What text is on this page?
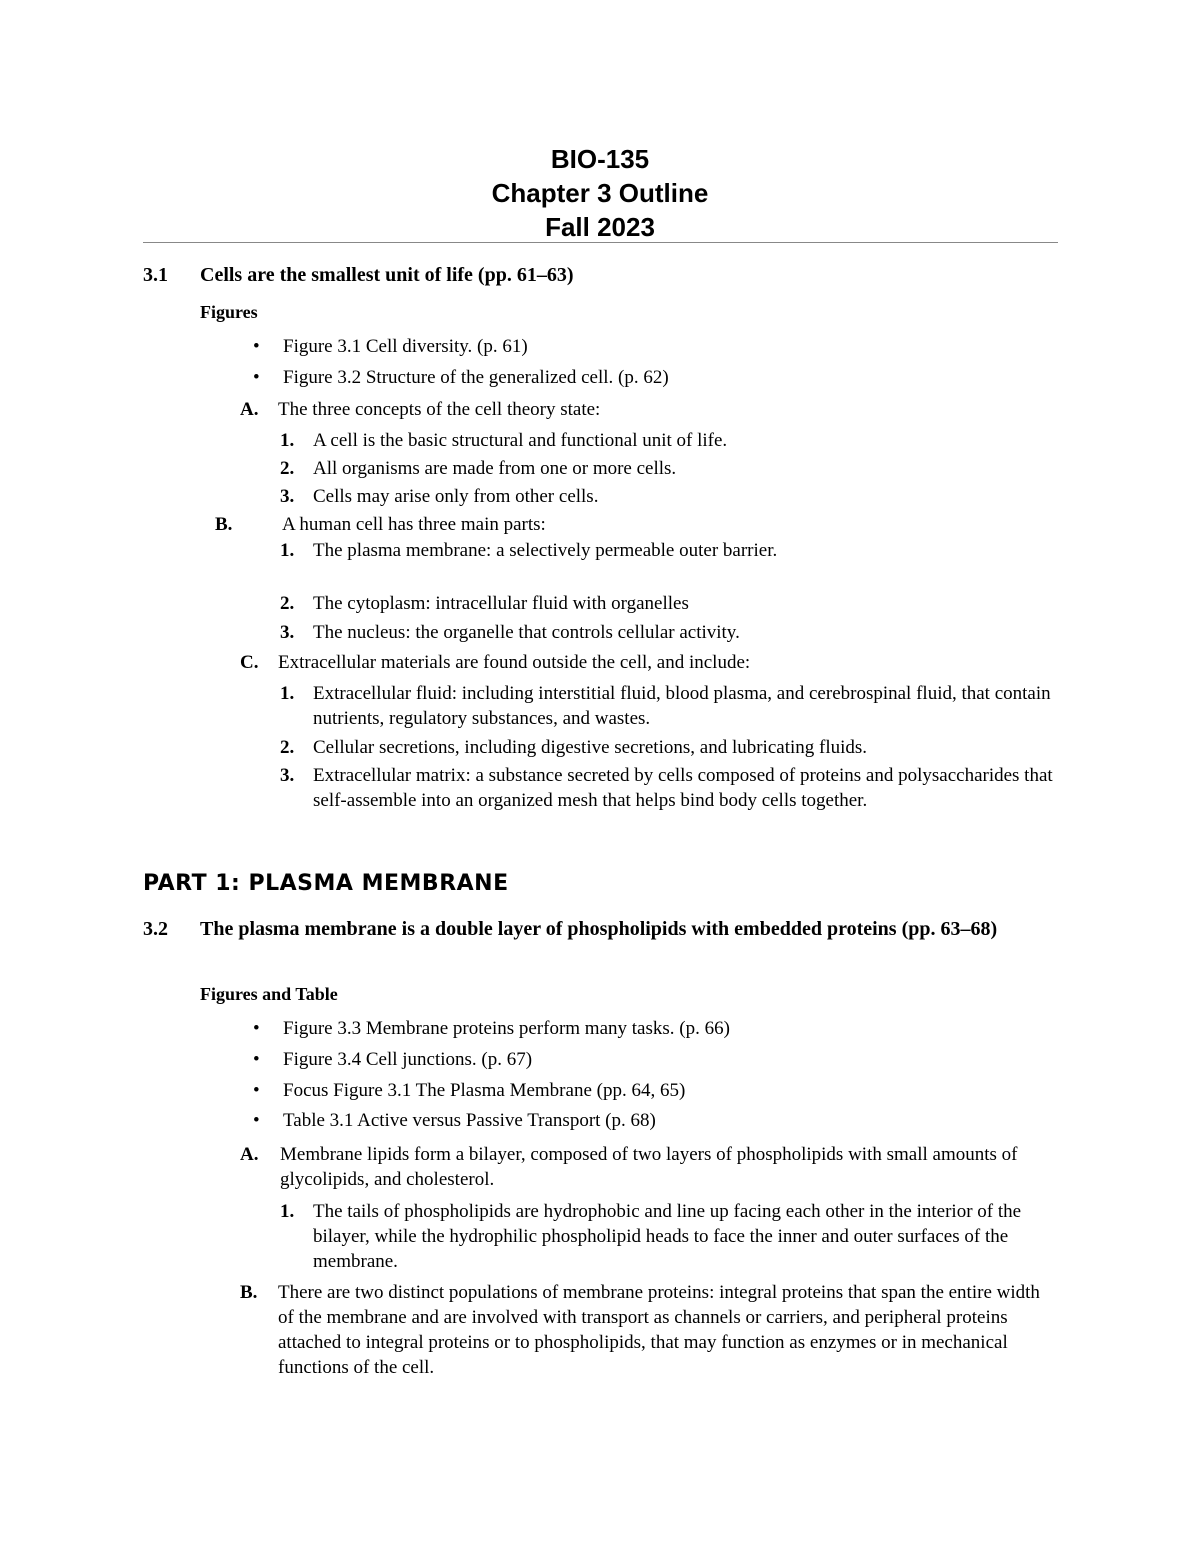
BIO-135
Chapter 3 Outline
Fall 2023
3.1 Cells are the smallest unit of life (pp. 61–63)
Figures
• Figure 3.1 Cell diversity. (p. 61)
• Figure 3.2 Structure of the generalized cell. (p. 62)
A. The three concepts of the cell theory state:
1. A cell is the basic structural and functional unit of life.
2. All organisms are made from one or more cells.
3. Cells may arise only from other cells.
B.	A human cell has three main parts:
1. The plasma membrane: a selectively permeable outer barrier.
2. The cytoplasm: intracellular fluid with organelles
3. The nucleus: the organelle that controls cellular activity.
C. Extracellular materials are found outside the cell, and include:
1. Extracellular fluid: including interstitial fluid, blood plasma, and cerebrospinal fluid, that contain nutrients, regulatory substances, and wastes.
2. Cellular secretions, including digestive secretions, and lubricating fluids.
3. Extracellular matrix: a substance secreted by cells composed of proteins and polysaccharides that self-assemble into an organized mesh that helps bind body cells together.
PART 1: PLASMA MEMBRANE
3.2 The plasma membrane is a double layer of phospholipids with embedded proteins (pp. 63–68)
Figures and Table
• Figure 3.3 Membrane proteins perform many tasks. (p. 66)
• Figure 3.4 Cell junctions. (p. 67)
• Focus Figure 3.1 The Plasma Membrane (pp. 64, 65)
• Table 3.1 Active versus Passive Transport (p. 68)
A. Membrane lipids form a bilayer, composed of two layers of phospholipids with small amounts of glycolipids, and cholesterol.
1. The tails of phospholipids are hydrophobic and line up facing each other in the interior of the bilayer, while the hydrophilic phospholipid heads to face the inner and outer surfaces of the membrane.
B. There are two distinct populations of membrane proteins: integral proteins that span the entire width of the membrane and are involved with transport as channels or carriers, and peripheral proteins attached to integral proteins or to phospholipids, that may function as enzymes or in mechanical functions of the cell.
